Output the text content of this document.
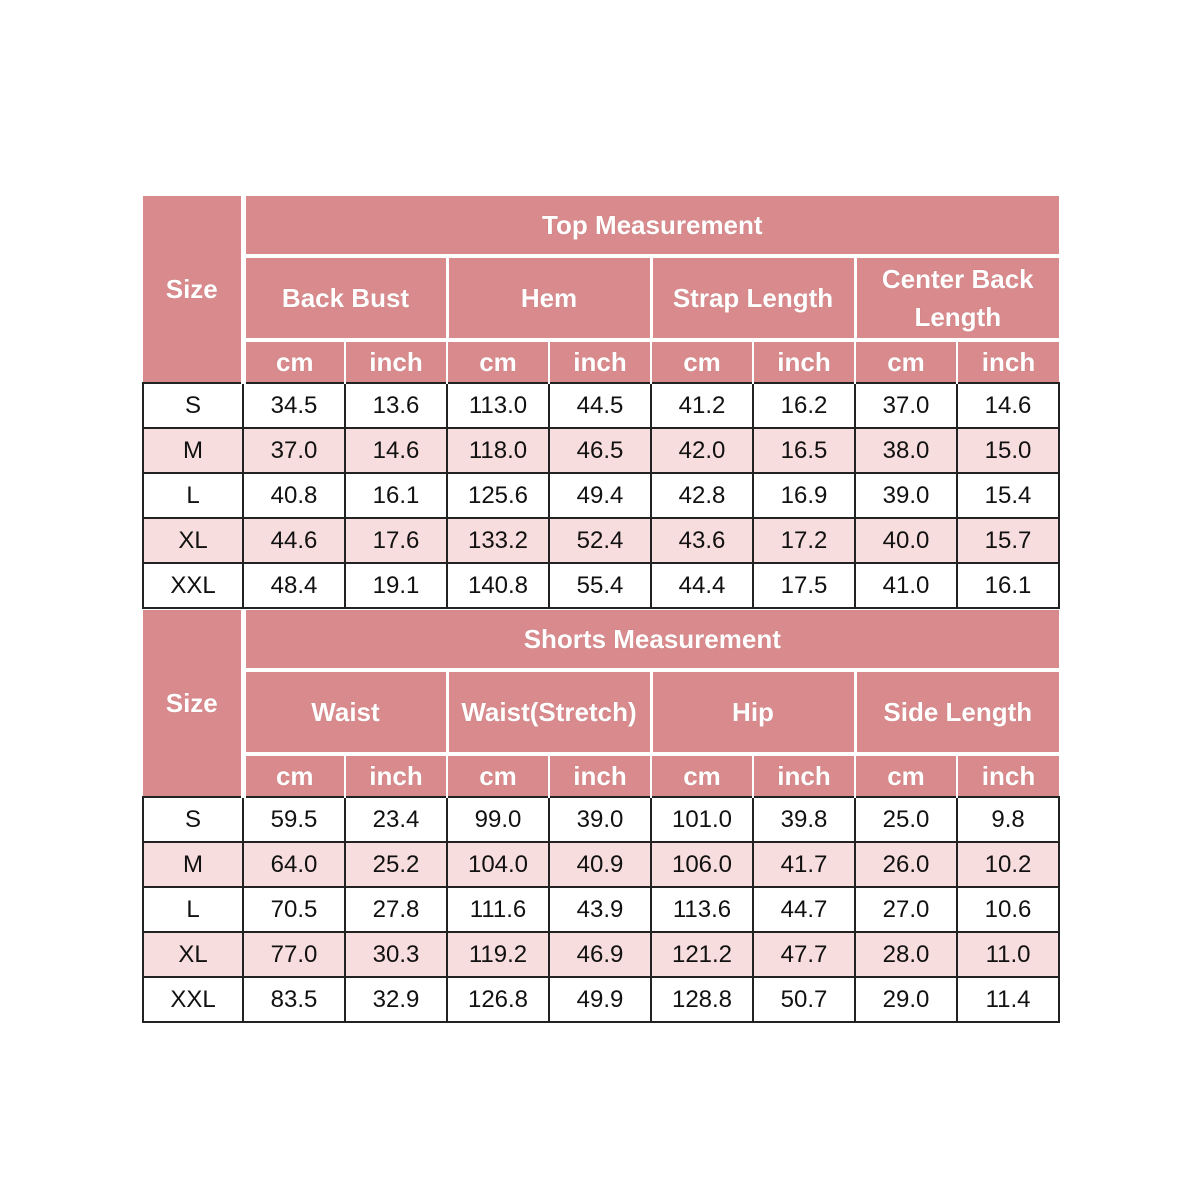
Size	Top Measurement							
	Back Bust		Hem		Strap Length		Center Back Length	
	cm	inch	cm	inch	cm	inch	cm	inch
S	34.5	13.6	113.0	44.5	41.2	16.2	37.0	14.6
M	37.0	14.6	118.0	46.5	42.0	16.5	38.0	15.0
L	40.8	16.1	125.6	49.4	42.8	16.9	39.0	15.4
XL	44.6	17.6	133.2	52.4	43.6	17.2	40.0	15.7
XXL	48.4	19.1	140.8	55.4	44.4	17.5	41.0	16.1
Size	Shorts Measurement							
	Waist		Waist(Stretch)		Hip		Side Length	
	cm	inch	cm	inch	cm	inch	cm	inch
S	59.5	23.4	99.0	39.0	101.0	39.8	25.0	9.8
M	64.0	25.2	104.0	40.9	106.0	41.7	26.0	10.2
L	70.5	27.8	111.6	43.9	113.6	44.7	27.0	10.6
XL	77.0	30.3	119.2	46.9	121.2	47.7	28.0	11.0
XXL	83.5	32.9	126.8	49.9	128.8	50.7	29.0	11.4
